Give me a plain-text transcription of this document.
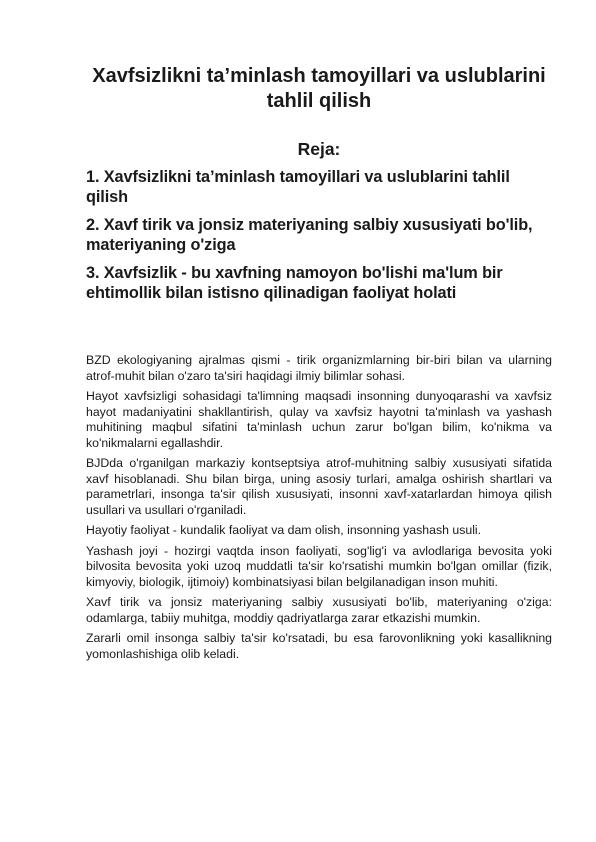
Xavfsizlikni ta’minlash tamoyillari va uslublarini tahlil qilish
Reja:
1. Xavfsizlikni ta’minlash tamoyillari va uslublarini tahlil qilish
2. Xavf tirik va jonsiz materiyaning salbiy xususiyati bo'lib, materiyaning o'ziga
3. Xavfsizlik - bu xavfning namoyon bo'lishi ma'lum bir ehtimollik bilan istisno qilinadigan faoliyat holati

BZD ekologiyaning ajralmas qismi - tirik organizmlarning bir-biri bilan va ularning atrof-muhit bilan o'zaro ta'siri haqidagi ilmiy bilimlar sohasi.

Hayot xavfsizligi sohasidagi ta'limning maqsadi insonning dunyoqarashi va xavfsiz hayot madaniyatini shakllantirish, qulay va xavfsiz hayotni ta'minlash va yashash muhitining maqbul sifatini ta'minlash uchun zarur bo'lgan bilim, ko'nikma va ko'nikmalarni egallashdir.

BJDda o'rganilgan markaziy kontseptsiya atrof-muhitning salbiy xususiyati sifatida xavf hisoblanadi. Shu bilan birga, uning asosiy turlari, amalga oshirish shartlari va parametrlari, insonga ta'sir qilish xususiyati, insonni xavf-xatarlardan himoya qilish usullari va usullari o'rganiladi.

Hayotiy faoliyat - kundalik faoliyat va dam olish, insonning yashash usuli.

Yashash joyi - hozirgi vaqtda inson faoliyati, sog'lig'i va avlodlariga bevosita yoki bilvosita bevosita yoki uzoq muddatli ta'sir ko'rsatishi mumkin bo'lgan omillar (fizik, kimyoviy, biologik, ijtimoiy) kombinatsiyasi bilan belgilanadigan inson muhiti.

Xavf tirik va jonsiz materiyaning salbiy xususiyati bo'lib, materiyaning o'ziga: odamlarga, tabiiy muhitga, moddiy qadriyatlarga zarar etkazishi mumkin.

Zararli omil insonga salbiy ta'sir ko'rsatadi, bu esa farovonlikning yoki kasallikning yomonlashishiga olib keladi.
